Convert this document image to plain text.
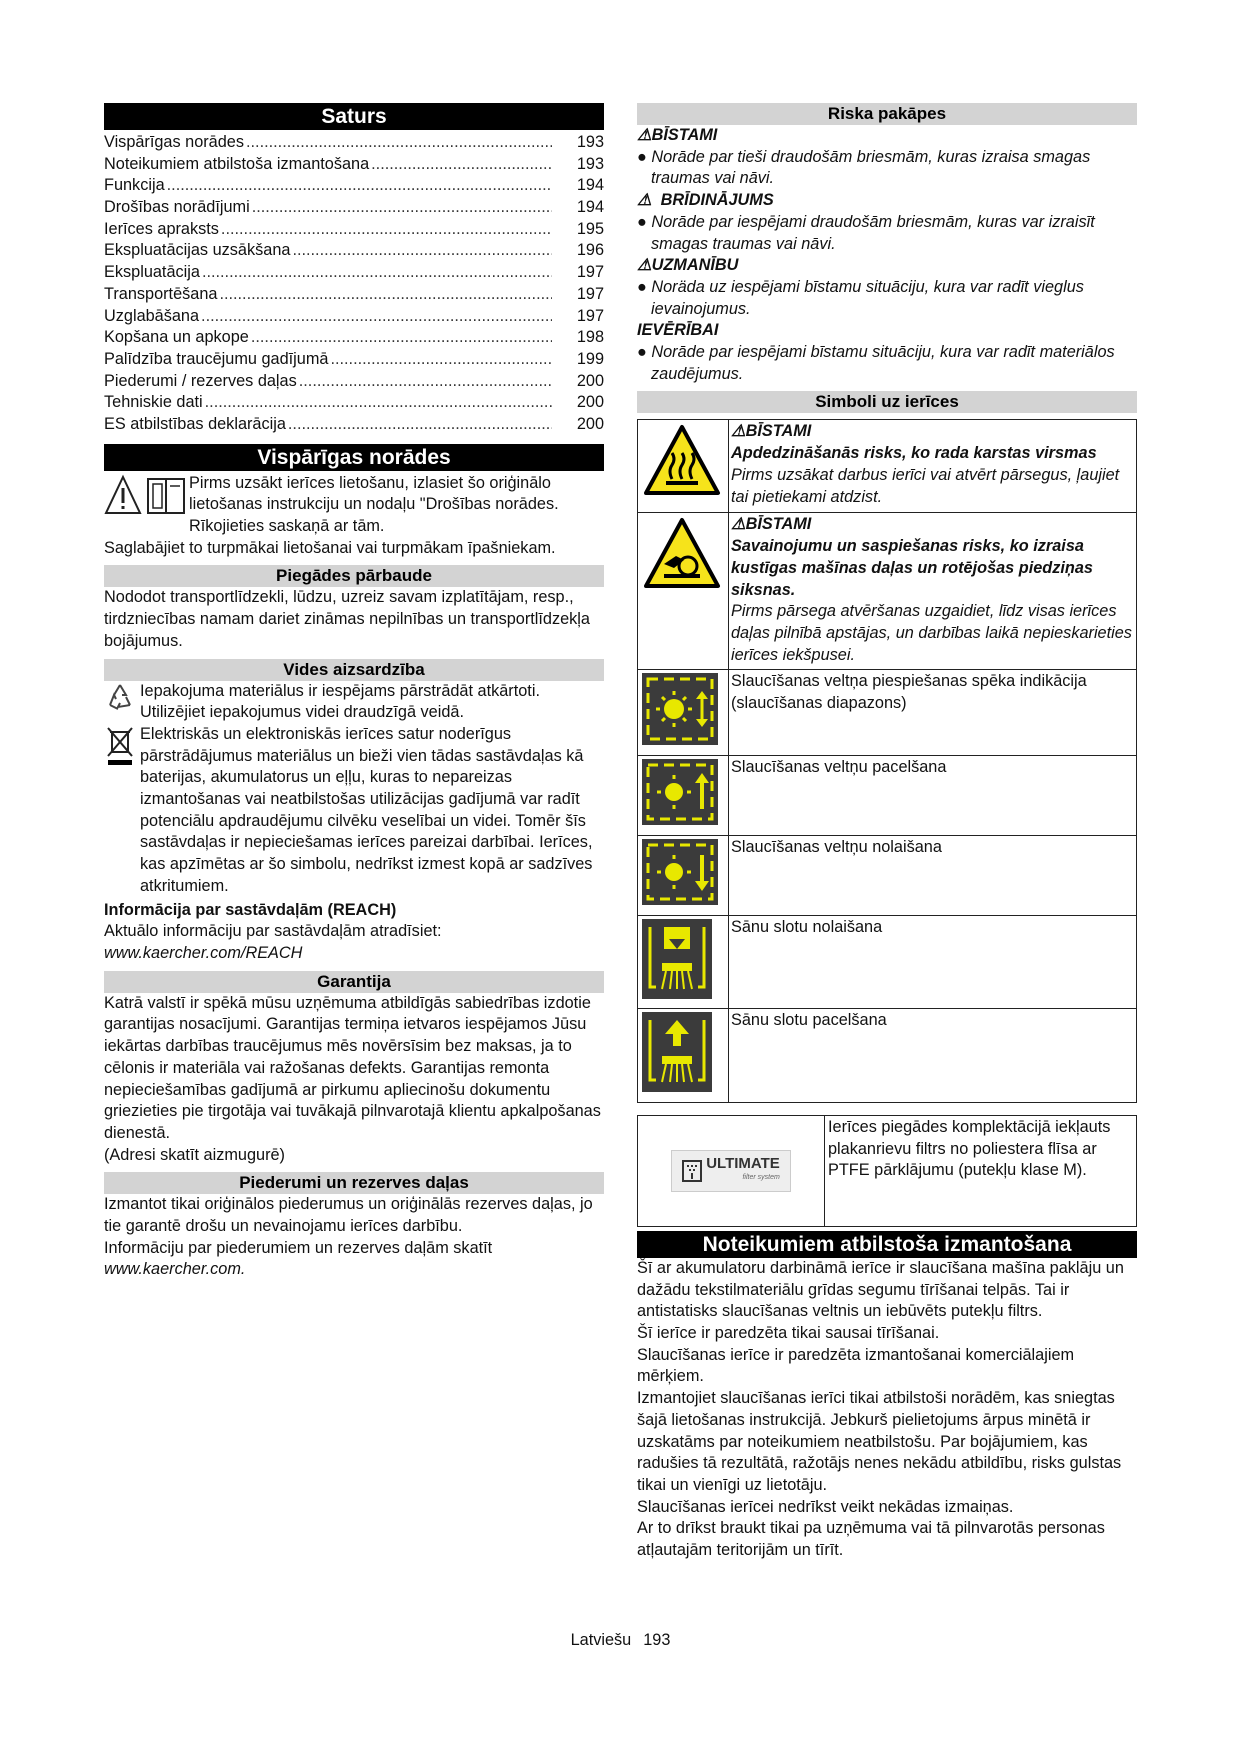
Saturs
Vispārīgas norādes .....	193
Noteikumiem atbilstoša izmantošana .....	193
Funkcija .....	194
Drošības norādījumi .....	194
Ierīces apraksts .....	195
Ekspluatācijas uzsākšana .....	196
Ekspluatācija .....	197
Transportēšana .....	197
Uzglabāšana .....	197
Kopšana un apkope .....	198
Palīdzība traucējumu gadījumā .....	199
Piederumi / rezerves daļas .....	200
Tehniskie dati .....	200
ES atbilstības deklarācija .....	200
Vispārīgas norādes

Pirms uzsākt ierīces lietošanu, izlasiet šo oriģinālo lietošanas instrukciju un nodaļu "Drošības norādes. Rīkojieties saskaņā ar tām.

Saglabājiet to turpmākai lietošanai vai turpmākam īpašniekam.

Piegādes pārbaude

Nododot transportlīdzekli, lūdzu, uzreiz savam izplatītājam, resp., tirdzniecības namam dariet zināmas nepilnības un transportlīdzekļa bojājumus.

Vides aizsardzība

Iepakojuma materiālus ir iespējams pārstrādāt atkārtoti. Utilizējiet iepakojumus videi draudzīgā veidā.

Elektriskās un elektroniskās ierīces satur noderīgus pārstrādājumus materiālus un bieži vien tādas sastāvdaļas kā baterijas, akumulatorus un eļļu, kuras to nepareizas izmantošanas vai neatbilstošas utilizācijas gadījumā var radīt potenciālu apdraudējumu cilvēku veselībai un videi. Tomēr šīs sastāvdaļas ir nepieciešamas ierīces pareizai darbībai. Ierīces, kas apzīmētas ar šo simbolu, nedrīkst izmest kopā ar sadzīves atkritumiem.

Informācija par sastāvdaļām (REACH)

Aktuālo informāciju par sastāvdaļām atradīsiet: www.kaercher.com/REACH

Garantija

Katrā valstī ir spēkā mūsu uzņēmuma atbildīgās sabiedrības izdotie garantijas nosacījumi. Garantijas termiņa ietvaros iespējamos Jūsu iekārtas darbības traucējumus mēs novērsīsim bez maksas, ja to cēlonis ir materiāla vai ražošanas defekts. Garantijas remonta nepieciešamības gadījumā ar pirkumu apliecinošu dokumentu griezieties pie tirgotāja vai tuvākajā pilnvarotajā klientu apkalpošanas dienestā.

(Adresi skatīt aizmugurē)

Piederumi un rezerves daļas

Izmantot tikai oriģinālos piederumus un oriģinālās rezerves daļas, jo tie garantē drošu un nevainojamu ierīces darbību.

Informāciju par piederumiem un rezerves daļām skatīt www.kaercher.com.

Riska pakāpes
⚠ BĪSTAMI

● Norāde par tieši draudošām briesmām, kuras izraisa smagas traumas vai nāvi.

⚠ BRĪDINĀJUMS

● Norāde par iespējami draudošām briesmām, kuras var izraisīt smagas traumas vai nāvi.

⚠ UZMANĪBU

● Noräda uz iespējami bīstamu situāciju, kura var radīt vieglus ievainojumus.

IEVĒRĪBAI

● Norāde par iespējami bīstamu situāciju, kura var radīt materiālos zaudējumus.

Simboli uz ierīces

⚠ BĪSTAMI

Apdedzināšanās risks, ko rada karstas virsmas

Pirms uzsākat darbus ierīci vai atvērt pārsegus, ļaujiet tai pietiekami atdzist.

⚠ BĪSTAMI

Savainojumu un saspiešanas risks, ko izraisa kustīgas mašīnas daļas un rotējošas piedziņas siksnas.

Pirms pārsega atvēršanas uzgaidiet, līdz visas ierīces daļas pilnībā apstājas, un darbības laikā nepieskarieties ierīces iekšpusei.

Slaucīšanas veltņa piespiešanas spēka indikācija (slaucīšanas diapazons)

Slaucīšanas veltņu pacelšana

Slaucīšanas veltņu nolaišana

Sānu slotu nolaišana

Sānu slotu pacelšana

ULTIMATE
filter system
Ierīces piegādes komplektācijā iekļauts plakanrievu filtrs no poliestera flīsa ar PTFE pārklājumu (putekļu klase M).
Noteikumiem atbilstoša izmantošana

Šī ar akumulatoru darbināmā ierīce ir slaucīšana mašīna paklāju un dažādu tekstilmateriālu grīdas segumu tīrīšanai telpās. Tai ir antistatisks slaucīšanas veltnis un iebūvēts putekļu filtrs.

Šī ierīce ir paredzēta tikai sausai tīrīšanai.

Slaucīšanas ierīce ir paredzēta izmantošanai komerciālajiem mērķiem.

Izmantojiet slaucīšanas ierīci tikai atbilstoši norādēm, kas sniegtas šajā lietošanas instrukcijā. Jebkurš pielietojums ārpus minētā ir uzskatāms par noteikumiem neatbilstošu. Par bojājumiem, kas radušies tā rezultātā, ražotājs nenes nekādu atbildību, risks gulstas tikai un vienīgi uz lietotāju.

Slaucīšanas ierīcei nedrīkst veikt nekādas izmaiņas.

Ar to drīkst braukt tikai pa uzņēmuma vai tā pilnvarotās personas atļautajām teritorijām un tīrīt.

Latviešu 193
